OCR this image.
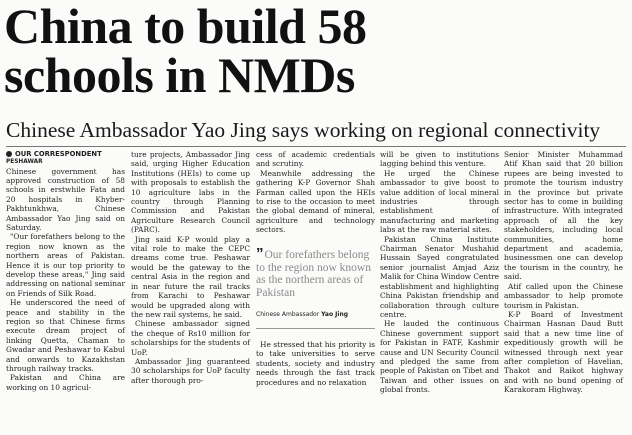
China to build 58
schools in NMDs
Chinese Ambassador Yao Jing says working on regional connectivity
OUR CORRESPONDENT
PESHAWAR

Chinese government has approved construction of 58 schools in erstwhile Fata and 20 hospitals in Khyber-Pakhtunkhwa, Chinese Ambassador Yao Jing said on Saturday.

"Our forefathers belong to the region now known as the northern areas of Pakistan. Hence it is our top priority to develop these areas," Jing said addressing on national seminar on Friends of Silk Road.

He underscored the need of peace and stability in the region so that Chinese firms execute dream project of linking Quetta, Chaman to Gwadar and Peshawar to Kabul and onwards to Kazakhstan through railway tracks.

Pakistan and China are working on 10 agricul-

ture projects, Ambassador Jing said, urging Higher Education Institutions (HEIs) to come up with proposals to establish the 10 agriculture labs in the country through Planning Commission and Pakistan Agriculture Research Council (PARC).

Jing said K-P would play a vital role to make the CEPC dreams come true. Peshawar would be the gateway to the central Asia in the region and in near future the rail tracks from Karachi to Peshawar would be upgraded along with the new rail systems, he said.

Chinese ambassador signed the cheque of Rs10 million for scholarships for the students of UoP.

Ambassador Jing guaranteed 30 scholarships for UoP faculty after thorough pro-

cess of academic credentials and scrutiny.

Meanwhile addressing the gathering K-P Governor Shah Farman called upon the HEIs to rise to the occasion to meet the global demand of mineral, agriculture and technology sectors.

”Our forefathers belong to the region now known as the northern areas of Pakistan
Chinese Ambassador Yao Jing

He stressed that his priority is to take universities to serve students, society and industry needs through the fast track procedures and no relaxation

will be given to institutions lagging behind this venture.

He urged the Chinese ambassador to give boost to value addition of local mineral industries through establishment of manufacturing and marketing labs at the raw material sites.

Pakistan China Institute Chairman Senator Mushahid Hussain Sayed congratulated senior journalist Amjad Aziz Malik for China Window Centre establishment and highlighting China Pakistan friendship and collaboration through culture centre.

He lauded the continuous Chinese government support for Pakistan in FATF, Kashmir cause and UN Security Council and pledged the same from people of Pakistan on Tibet and Taiwan and other issues on global fronts.

Senior Minister Muhammad Atif Khan said that 20 billion rupees are being invested to promote the tourism industry in the province but private sector has to come in building infrastructure. With integrated approach of all the key stakeholders, including local communities, home department and academia, businessmen one can develop the tourism in the country, he said.

Atif called upon the Chinese ambassador to help promote tourism in Pakistan.

K-P Board of Investment Chairman Hasnan Daud Butt said that a new time line of expeditiously growth will be witnessed through next year after completion of Havelian, Thakot and Raikot highway and with no bund opening of Karakoram Highway.
